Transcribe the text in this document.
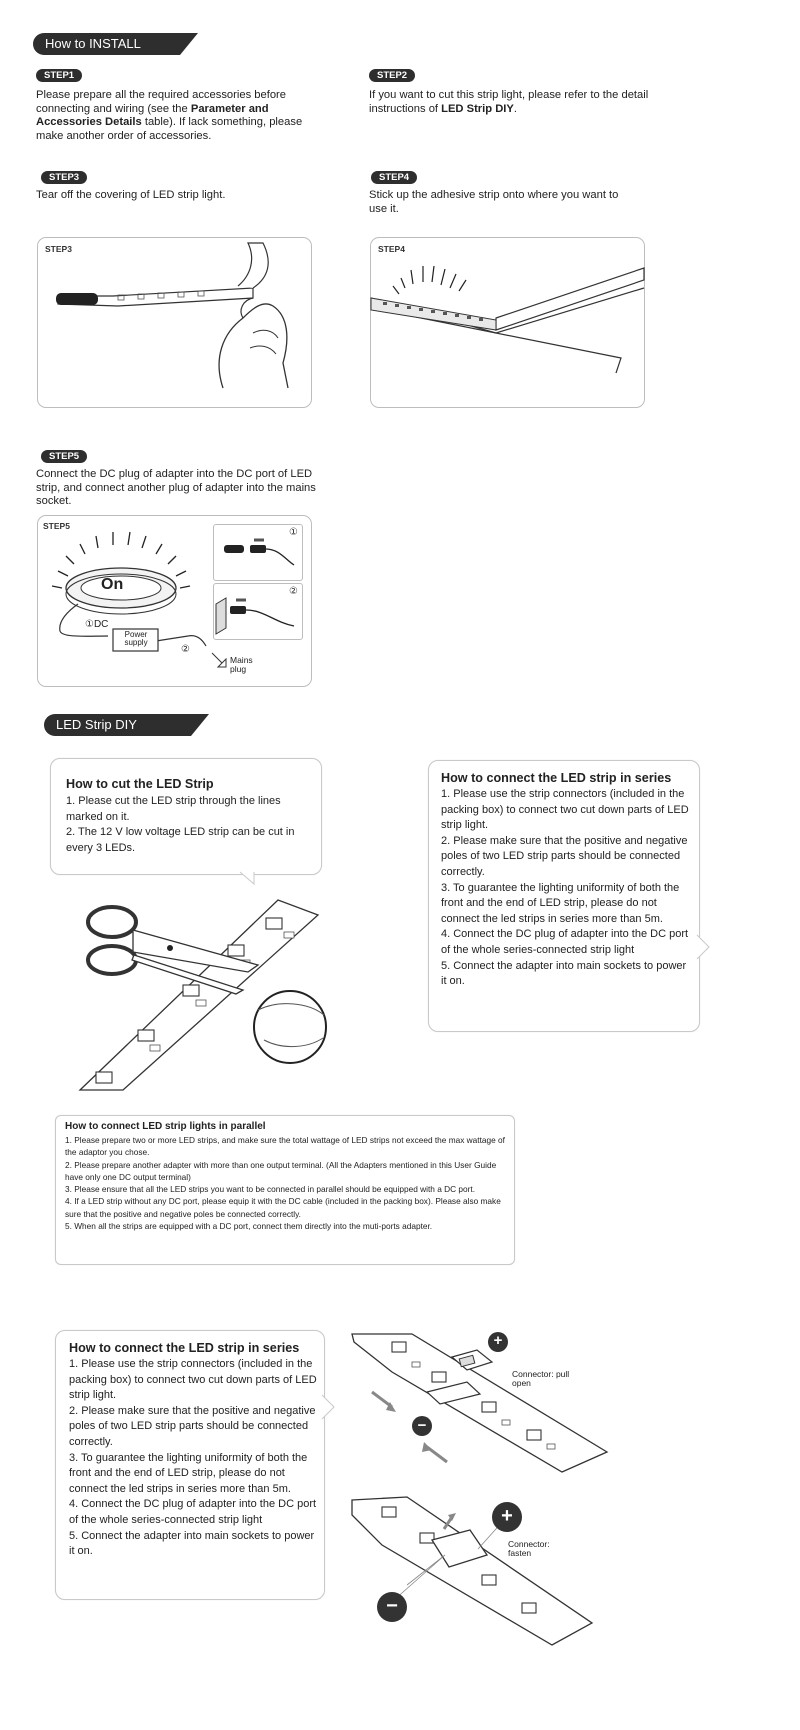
How to INSTALL
STEP1
Please prepare all the required accessories before connecting and wiring (see the Parameter and Accessories Details table). If lack something, please make another order of accessories.
STEP2
If you want to cut this strip light, please refer to the detail instructions of LED Strip DIY.
STEP3
Tear off the covering of LED strip light.
STEP4
Stick up the adhesive strip onto where you want to use it.
STEP3	STEP4
STEP5
Connect the DC plug of adapter into the DC port of LED strip, and connect another plug of adapter into the mains socket.
STEP5
On
①DC
Power supply
②
Mains plug
①
②
LED Strip DIY
How to cut the LED Strip

1. Please cut the LED strip through the lines marked on it.

2. The 12 V low voltage LED strip can be cut in every 3 LEDs.

How to connect the LED strip in series

1. Please use the strip connectors (included in the packing box) to connect two cut down parts of LED strip light.

2. Please make sure that the positive and negative poles of two LED strip parts should be connected correctly.

3. To guarantee the lighting uniformity of both the front and the end of LED strip, please do not connect the led strips in series more than 5m.

4. Connect the DC plug of adapter into the DC port of the whole series-connected strip light

5. Connect the adapter into main sockets to power it on.

How to connect LED strip lights in parallel

1. Please prepare two or more LED strips, and make sure the total wattage of LED strips not exceed the max wattage of the adaptor you chose.

2. Please prepare another adapter with more than one output terminal. (All the Adapters mentioned in this User Guide have only one DC output terminal)

3. Please ensure that all the LED strips you want to be connected in parallel should be equipped with a DC port.

4. If a LED strip without any DC port, please equip it with the DC cable (included in the packing box). Please also make sure that the positive and negative poles be connected correctly.

5. When all the strips are equipped with a DC port, connect them directly into the muti-ports adapter.

How to connect the LED strip in series

1. Please use the strip connectors (included in the packing box) to connect two cut down parts of LED strip light.

2. Please make sure that the positive and negative poles of two LED strip parts should be connected correctly.

3. To guarantee the lighting uniformity of both the front and the end of LED strip, please do not connect the led strips in series more than 5m.

4. Connect the DC plug of adapter into the DC port of the whole series-connected strip light

5. Connect the adapter into main sockets to power it on.

+
−
Connector: pull open
+
−
Connector: fasten
